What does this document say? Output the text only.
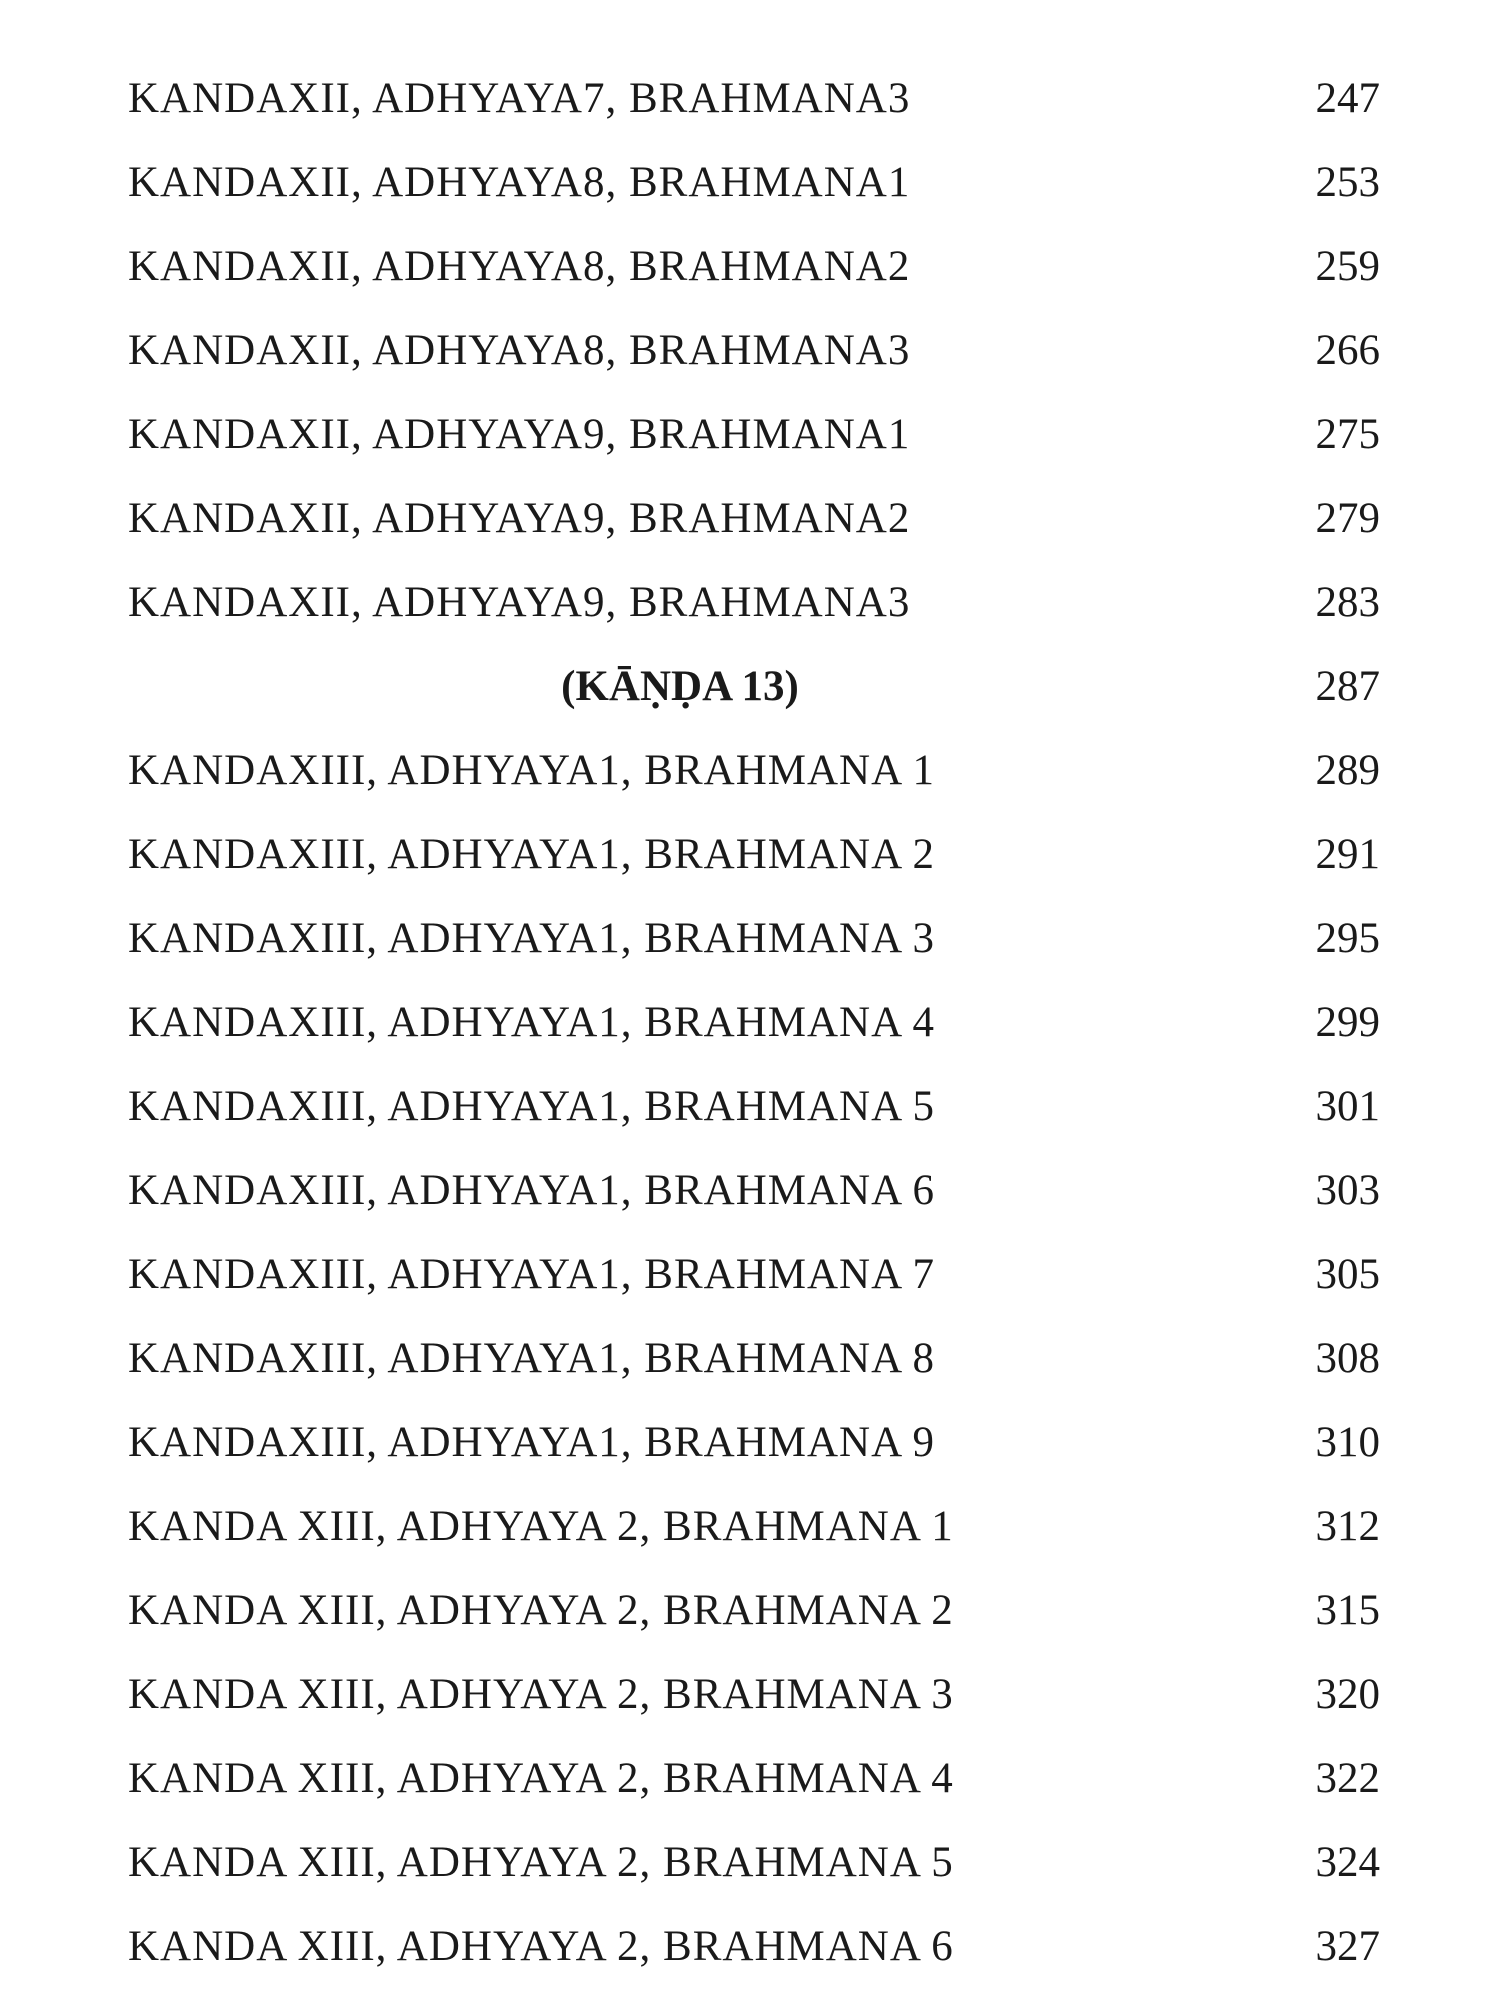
KANDAXII, ADHYAYA7, BRAHMANA3	247
KANDAXII, ADHYAYA8, BRAHMANA1	253
KANDAXII, ADHYAYA8, BRAHMANA2	259
KANDAXII, ADHYAYA8, BRAHMANA3	266
KANDAXII, ADHYAYA9, BRAHMANA1	275
KANDAXII, ADHYAYA9, BRAHMANA2	279
KANDAXII, ADHYAYA9, BRAHMANA3	283
(KĀṆḌA 13)	287
KANDAXIII, ADHYAYA1, BRAHMANA 1	289
KANDAXIII, ADHYAYA1, BRAHMANA 2	291
KANDAXIII, ADHYAYA1, BRAHMANA 3	295
KANDAXIII, ADHYAYA1, BRAHMANA 4	299
KANDAXIII, ADHYAYA1, BRAHMANA 5	301
KANDAXIII, ADHYAYA1, BRAHMANA 6	303
KANDAXIII, ADHYAYA1, BRAHMANA 7	305
KANDAXIII, ADHYAYA1, BRAHMANA 8	308
KANDAXIII, ADHYAYA1, BRAHMANA 9	310
KANDA XIII, ADHYAYA 2, BRAHMANA 1	312
KANDA XIII, ADHYAYA 2, BRAHMANA 2	315
KANDA XIII, ADHYAYA 2, BRAHMANA 3	320
KANDA XIII, ADHYAYA 2, BRAHMANA 4	322
KANDA XIII, ADHYAYA 2, BRAHMANA 5	324
KANDA XIII, ADHYAYA 2, BRAHMANA 6	327
